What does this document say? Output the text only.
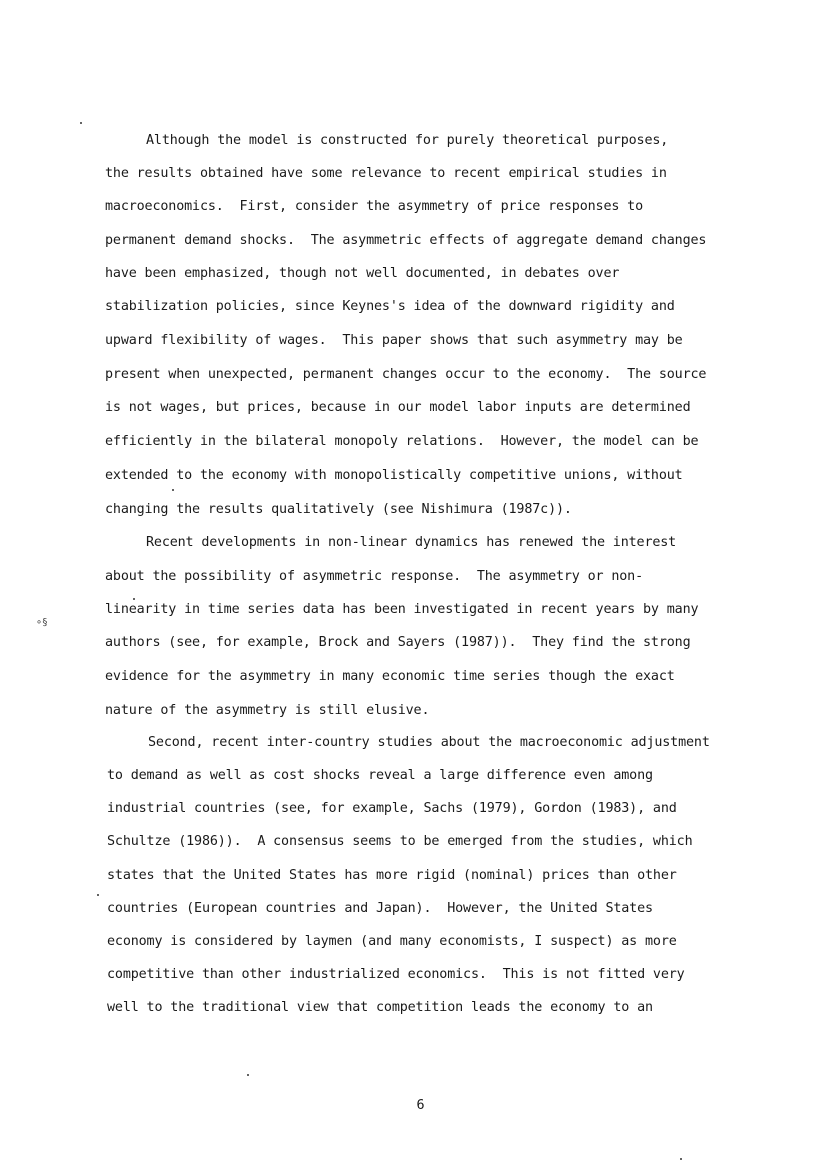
Although the model is constructed for purely theoretical purposes,
the results obtained have some relevance to recent empirical studies in
macroeconomics.  First, consider the asymmetry of price responses to
permanent demand shocks.  The asymmetric effects of aggregate demand changes
have been emphasized, though not well documented, in debates over
stabilization policies, since Keynes's idea of the downward rigidity and
upward flexibility of wages.  This paper shows that such asymmetry may be
present when unexpected, permanent changes occur to the economy.  The source
is not wages, but prices, because in our model labor inputs are determined
efficiently in the bilateral monopoly relations.  However, the model can be
extended to the economy with monopolistically competitive unions, without
changing the results qualitatively (see Nishimura (1987c)).
Recent developments in non-linear dynamics has renewed the interest
about the possibility of asymmetric response.  The asymmetry or non-
linearity in time series data has been investigated in recent years by many
authors (see, for example, Brock and Sayers (1987)).  They find the strong
evidence for the asymmetry in many economic time series though the exact
nature of the asymmetry is still elusive.
Second, recent inter-country studies about the macroeconomic adjustment
to demand as well as cost shocks reveal a large difference even among
industrial countries (see, for example, Sachs (1979), Gordon (1983), and
Schultze (1986)).  A consensus seems to be emerged from the studies, which
states that the United States has more rigid (nominal) prices than other
countries (European countries and Japan).  However, the United States
economy is considered by laymen (and many economists, I suspect) as more
competitive than other industrialized economics.  This is not fitted very
well to the traditional view that competition leads the economy to an
6
∘§
